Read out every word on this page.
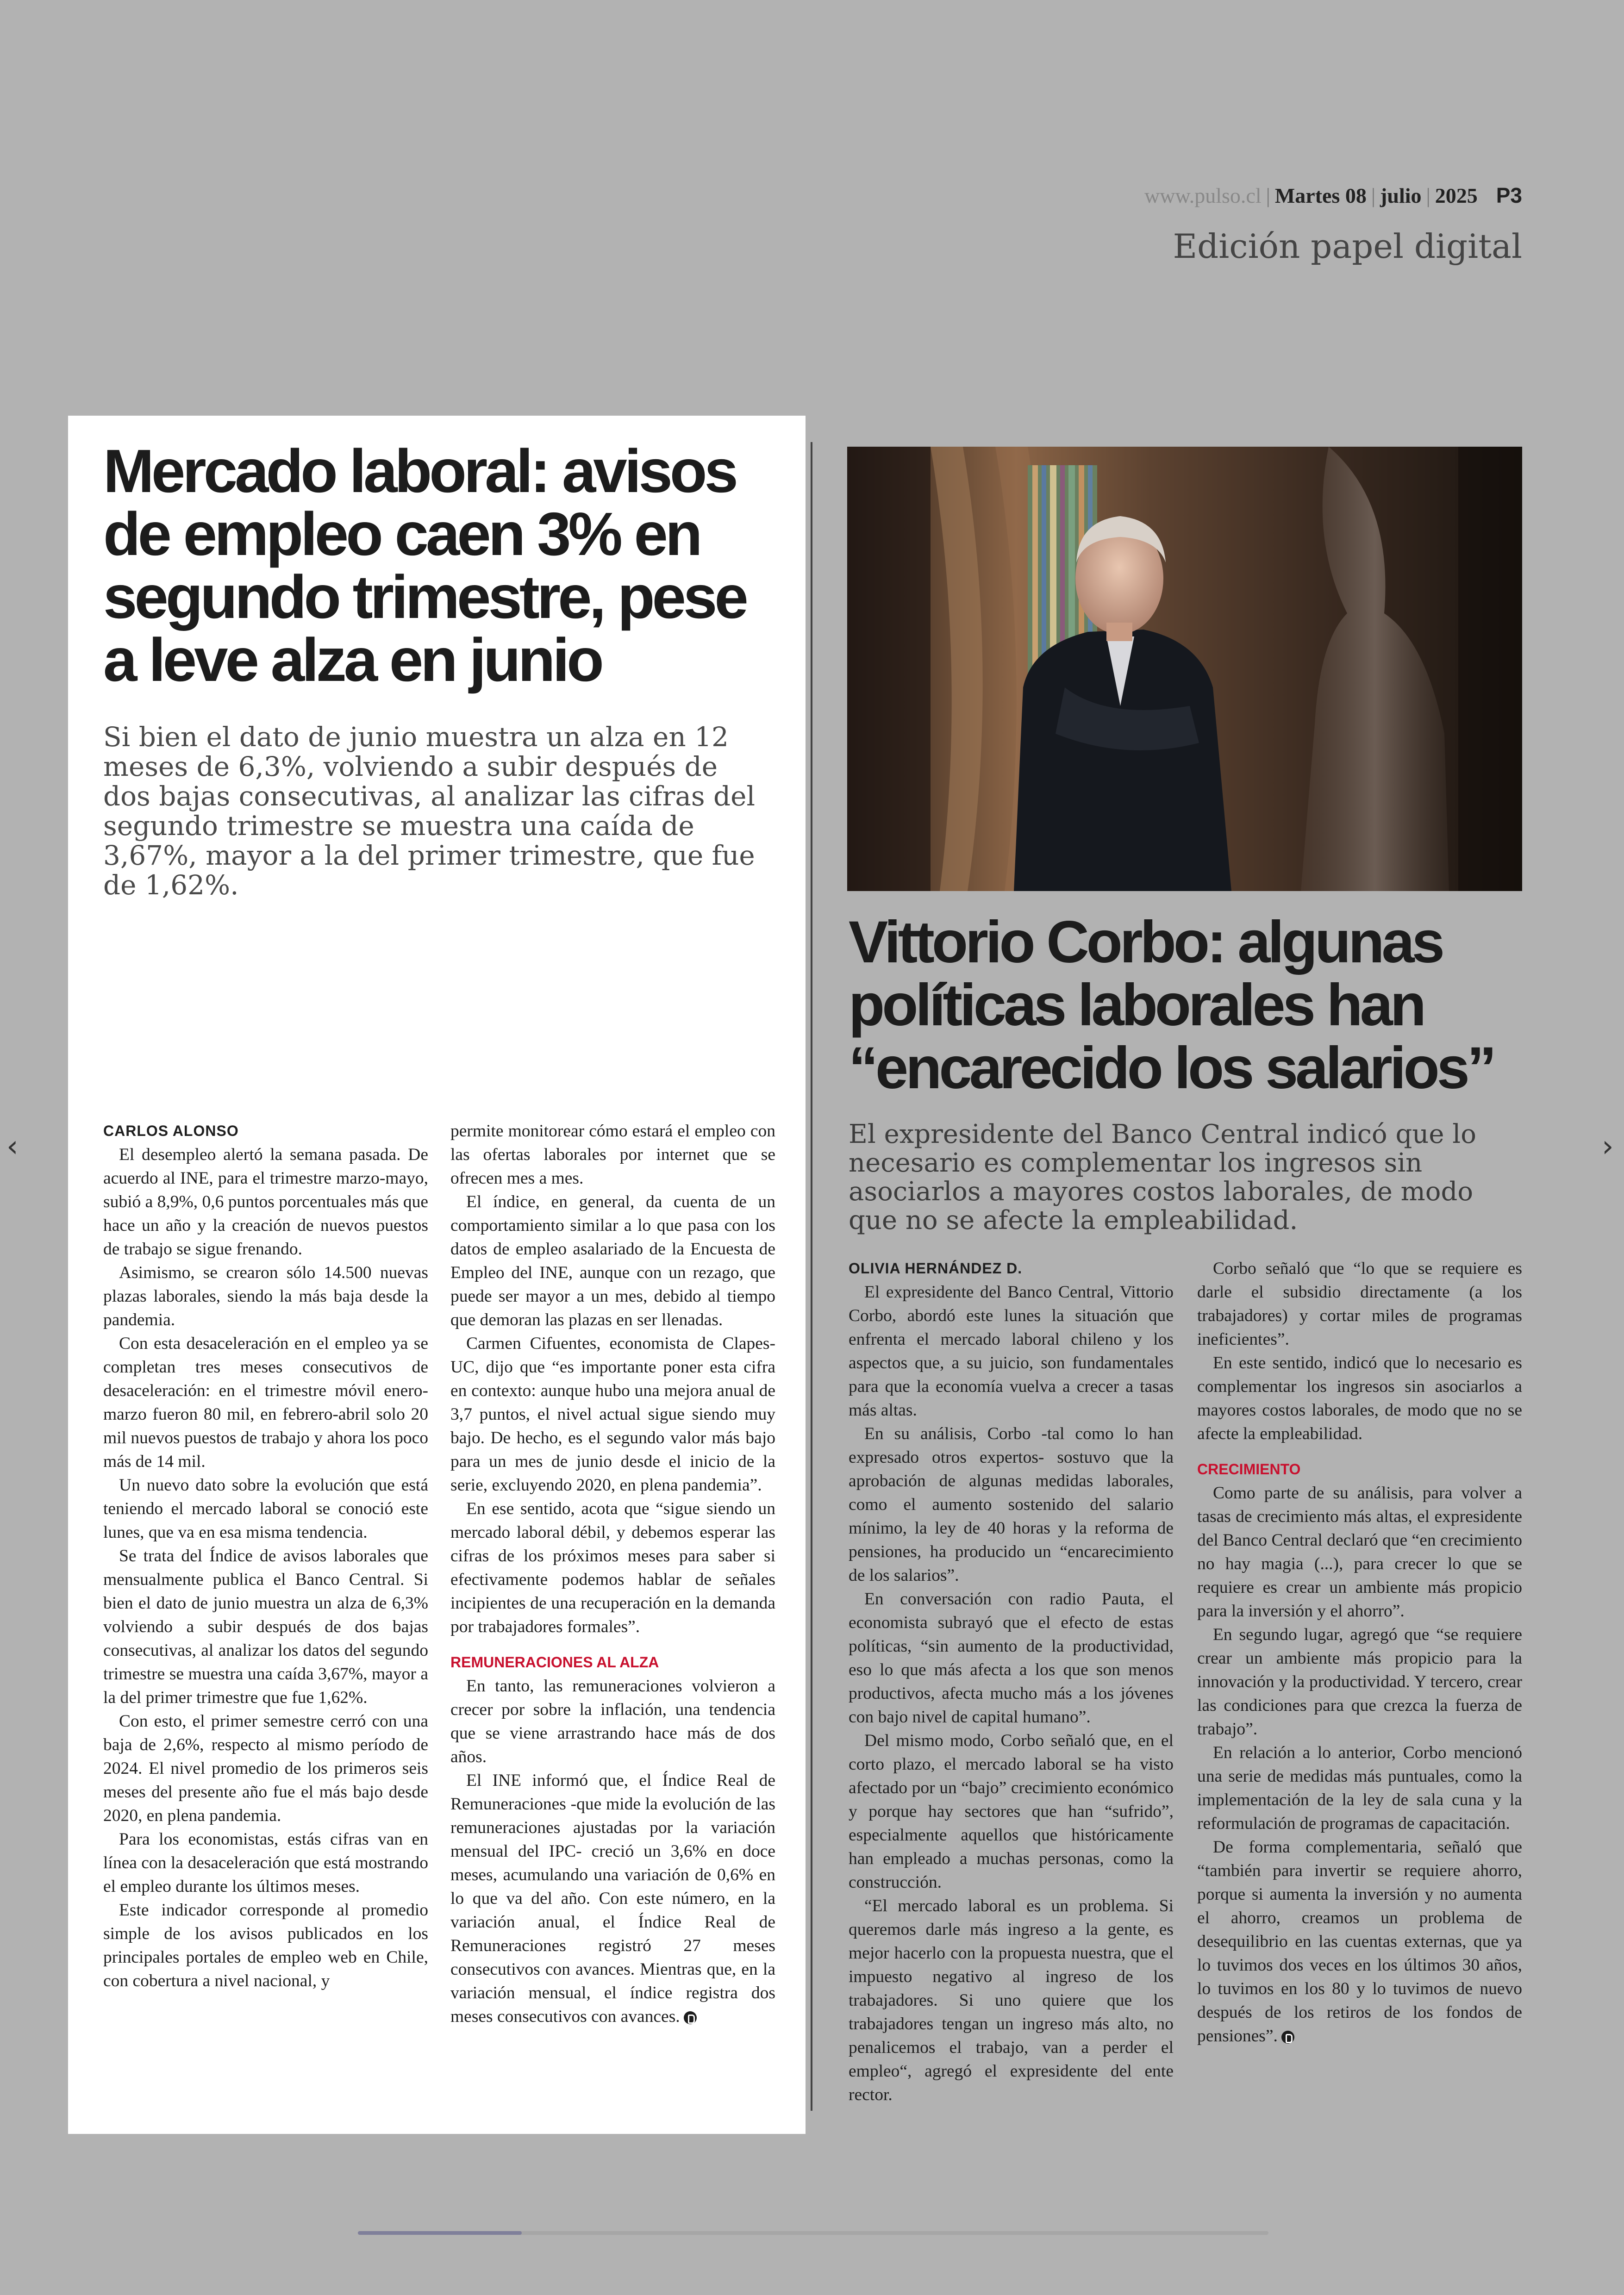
www.pulso.cl | Martes 08 | julio | 2025 P3
Edición papel digital
Mercado laboral: avisos de empleo caen 3% en segundo trimestre, pese a leve alza en junio
Si bien el dato de junio muestra un alza en 12 meses de 6,3%, volviendo a subir después de dos bajas consecutivas, al analizar las cifras del segundo trimestre se muestra una caída de 3,67%, mayor a la del primer trimestre, que fue de 1,62%.
CARLOS ALONSO

El desempleo alertó la semana pasada. De acuerdo al INE, para el trimestre marzo-mayo, subió a 8,9%, 0,6 puntos porcentuales más que hace un año y la creación de nuevos puestos de trabajo se sigue frenando.

Asimismo, se crearon sólo 14.500 nuevas plazas laborales, siendo la más baja desde la pandemia.

Con esta desaceleración en el empleo ya se completan tres meses consecutivos de desaceleración: en el trimestre móvil enero-marzo fueron 80 mil, en febrero-abril solo 20 mil nuevos puestos de trabajo y ahora los poco más de 14 mil.

Un nuevo dato sobre la evolución que está teniendo el mercado laboral se conoció este lunes, que va en esa misma tendencia.

Se trata del Índice de avisos laborales que mensualmente publica el Banco Central. Si bien el dato de junio muestra un alza de 6,3% volviendo a subir después de dos bajas consecutivas, al analizar los datos del segundo trimestre se muestra una caída 3,67%, mayor a la del primer trimestre que fue 1,62%.

Con esto, el primer semestre cerró con una baja de 2,6%, respecto al mismo período de 2024. El nivel promedio de los primeros seis meses del presente año fue el más bajo desde 2020, en plena pandemia.

Para los economistas, estás cifras van en línea con la desaceleración que está mostrando el empleo durante los últimos meses.

Este indicador corresponde al promedio simple de los avisos publicados en los principales portales de empleo web en Chile, con cobertura a nivel nacional, y

permite monitorear cómo estará el empleo con las ofertas laborales por internet que se ofrecen mes a mes.

El índice, en general, da cuenta de un comportamiento similar a lo que pasa con los datos de empleo asalariado de la Encuesta de Empleo del INE, aunque con un rezago, que puede ser mayor a un mes, debido al tiempo que demoran las plazas en ser llenadas.

Carmen Cifuentes, economista de Clapes-UC, dijo que “es importante poner esta cifra en contexto: aunque hubo una mejora anual de 3,7 puntos, el nivel actual sigue siendo muy bajo. De hecho, es el segundo valor más bajo para un mes de junio desde el inicio de la serie, excluyendo 2020, en plena pandemia”.

En ese sentido, acota que “sigue siendo un mercado laboral débil, y debemos esperar las cifras de los próximos meses para saber si efectivamente podemos hablar de señales incipientes de una recuperación en la demanda por trabajadores formales”.

REMUNERACIONES AL ALZA

En tanto, las remuneraciones volvieron a crecer por sobre la inflación, una tendencia que se viene arrastrando hace más de dos años.

El INE informó que, el Índice Real de Remuneraciones -que mide la evolución de las remuneraciones ajustadas por la variación mensual del IPC- creció un 3,6% en doce meses, acumulando una variación de 0,6% en lo que va del año. Con este número, en la variación anual, el Índice Real de Remuneraciones registró 27 meses consecutivos con avances. Mientras que, en la variación mensual, el índice registra dos meses consecutivos con avances.

Vittorio Corbo: algunas políticas laborales han “encarecido los salarios”
El expresidente del Banco Central indicó que lo necesario es complementar los ingresos sin asociarlos a mayores costos laborales, de modo que no se afecte la empleabilidad.
OLIVIA HERNÁNDEZ D.

El expresidente del Banco Central, Vittorio Corbo, abordó este lunes la situación que enfrenta el mercado laboral chileno y los aspectos que, a su juicio, son fundamentales para que la economía vuelva a crecer a tasas más altas.

En su análisis, Corbo -tal como lo han expresado otros expertos- sostuvo que la aprobación de algunas medidas laborales, como el aumento sostenido del salario mínimo, la ley de 40 horas y la reforma de pensiones, ha producido un “encarecimiento de los salarios”.

En conversación con radio Pauta, el economista subrayó que el efecto de estas políticas, “sin aumento de la productividad, eso lo que más afecta a los que son menos productivos, afecta mucho más a los jóvenes con bajo nivel de capital humano”.

Del mismo modo, Corbo señaló que, en el corto plazo, el mercado laboral se ha visto afectado por un “bajo” crecimiento económico y porque hay sectores que han “sufrido”, especialmente aquellos que históricamente han empleado a muchas personas, como la construcción.

“El mercado laboral es un problema. Si queremos darle más ingreso a la gente, es mejor hacerlo con la propuesta nuestra, que el impuesto negativo al ingreso de los trabajadores. Si uno quiere que los trabajadores tengan un ingreso más alto, no penalicemos el trabajo, van a perder el empleo“, agregó el expresidente del ente rector.

Corbo señaló que “lo que se requiere es darle el subsidio directamente (a los trabajadores) y cortar miles de programas ineficientes”.

En este sentido, indicó que lo necesario es complementar los ingresos sin asociarlos a mayores costos laborales, de modo que no se afecte la empleabilidad.

CRECIMIENTO

Como parte de su análisis, para volver a tasas de crecimiento más altas, el expresidente del Banco Central declaró que “en crecimiento no hay magia (...), para crecer lo que se requiere es crear un ambiente más propicio para la inversión y el ahorro”.

En segundo lugar, agregó que “se requiere crear un ambiente más propicio para la innovación y la productividad. Y tercero, crear las condiciones para que crezca la fuerza de trabajo”.

En relación a lo anterior, Corbo mencionó una serie de medidas más puntuales, como la implementación de la ley de sala cuna y la reformulación de programas de capacitación.

De forma complementaria, señaló que “también para invertir se requiere ahorro, porque si aumenta la inversión y no aumenta el ahorro, creamos un problema de desequilibrio en las cuentas externas, que ya lo tuvimos dos veces en los últimos 30 años, lo tuvimos en los 80 y lo tuvimos de nuevo después de los retiros de los fondos de pensiones”.

‹	›
